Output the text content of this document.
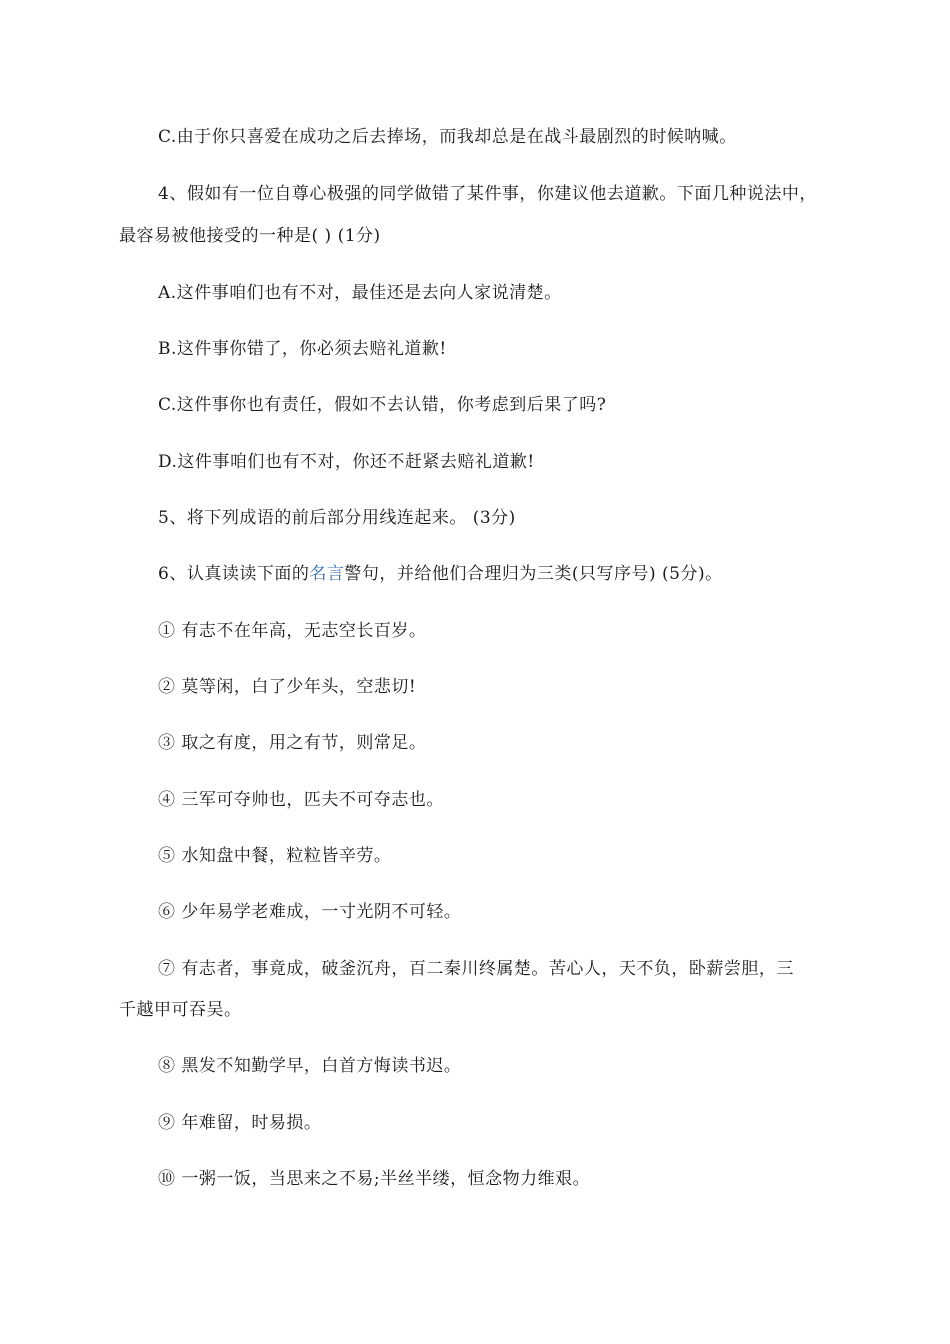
C.由于你只喜爱在成功之后去捧场，而我却总是在战斗最剧烈的时候呐喊。
4、假如有一位自尊心极强的同学做错了某件事，你建议他去道歉。下面几种说法中，
最容易被他接受的一种是( ) (1分)
A.这件事咱们也有不对，最佳还是去向人家说清楚。
B.这件事你错了，你必须去赔礼道歉!
C.这件事你也有责任，假如不去认错，你考虑到后果了吗?
D.这件事咱们也有不对，你还不赶紧去赔礼道歉!
5、将下列成语的前后部分用线连起来。 (3分)
6、认真读读下面的名言警句，并给他们合理归为三类(只写序号) (5分)。
① 有志不在年高，无志空长百岁。
② 莫等闲，白了少年头，空悲切!
③ 取之有度，用之有节，则常足。
④ 三军可夺帅也，匹夫不可夺志也。
⑤ 水知盘中餐，粒粒皆辛劳。
⑥ 少年易学老难成，一寸光阴不可轻。
⑦ 有志者，事竟成，破釜沉舟，百二秦川终属楚。苦心人，天不负，卧薪尝胆，三
千越甲可吞吴。
⑧ 黑发不知勤学早，白首方悔读书迟。
⑨ 年难留，时易损。
⑩ 一粥一饭，当思来之不易;半丝半缕，恒念物力维艰。
